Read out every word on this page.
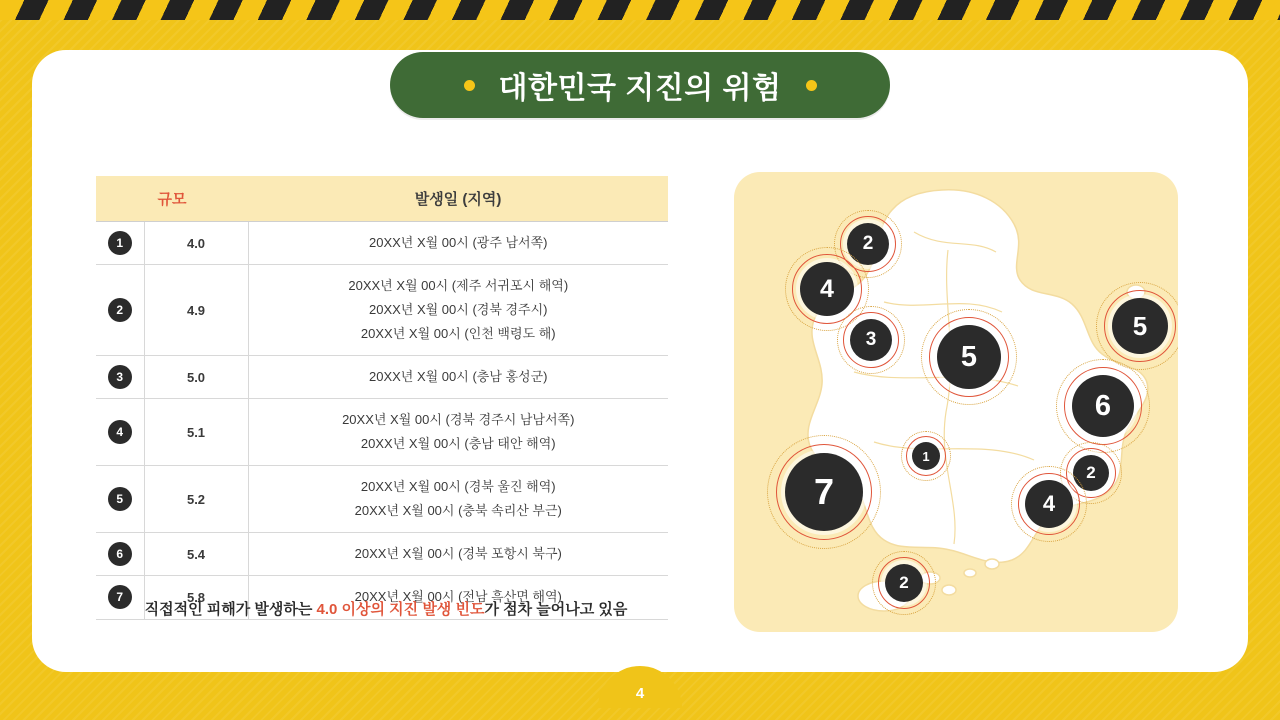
대한민국 지진의 위험
규모		발생일 (지역)
1	4.0	20XX년 X월 00시 (광주 남서쪽)

2	4.9	20XX년 X월 00시 (제주 서귀포시 해역)
20XX년 X월 00시 (경북 경주시)
20XX년 X월 00시 (인천 백령도 해)

3	5.0	20XX년 X월 00시 (충남 홍성군)

4	5.1	20XX년 X월 00시 (경북 경주시 남남서쪽)
20XX년 X월 00시 (충남 태안 해역)

5	5.2	20XX년 X월 00시 (경북 울진 해역)
20XX년 X월 00시 (충북 속리산 부근)

6	5.4	20XX년 X월 00시 (경북 포항시 북구)

7	5.8	20XX년 X월 00시 (전남 흑산면 해역)
직접적인 피해가 발생하는 4.0 이상의 지진 발생 빈도가 점차 늘어나고 있음
2
4
3
5
5
6
1
2
4
7
2
4
